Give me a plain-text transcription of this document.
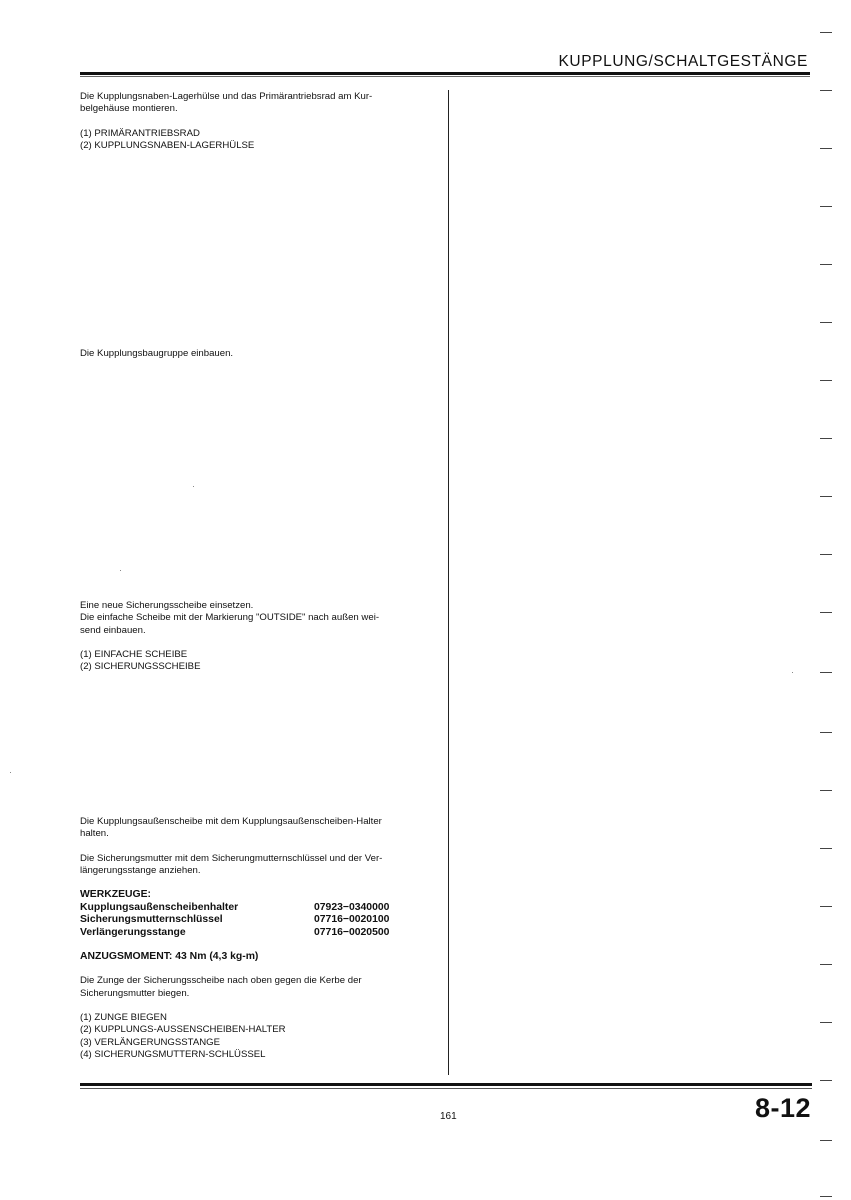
KUPPLUNG/SCHALTGESTÄNGE

Die Kupplungsnaben-Lagerhülse und das Primärantriebsrad am Kur-

belgehäuse montieren.

(1) PRIMÄRANTRIEBSRAD

(2) KUPPLUNGSNABEN-LAGERHÜLSE

Die Kupplungsbaugruppe einbauen.

Eine neue Sicherungsscheibe einsetzen.

Die einfache Scheibe mit der Markierung "OUTSIDE" nach außen wei-

send einbauen.

(1) EINFACHE SCHEIBE

(2) SICHERUNGSSCHEIBE

Die Kupplungsaußenscheibe mit dem Kupplungsaußenscheiben-Halter

halten.

Die Sicherungsmutter mit dem Sicherungmutternschlüssel und der Ver-

längerungsstange anziehen.

WERKZEUGE:

Kupplungsaußenscheibenhalter	07923−0340000
Sicherungsmutternschlüssel	07716−0020100
Verlängerungsstange	07716−0020500

ANZUGSMOMENT: 43 Nm (4,3 kg-m)

Die Zunge der Sicherungsscheibe nach oben gegen die Kerbe der

Sicherungsmutter biegen.

(1) ZUNGE BIEGEN

(2) KUPPLUNGS-AUSSENSCHEIBEN-HALTER

(3) VERLÄNGERUNGSSTANGE

(4) SICHERUNGSMUTTERN-SCHLÜSSEL

161	8-12
